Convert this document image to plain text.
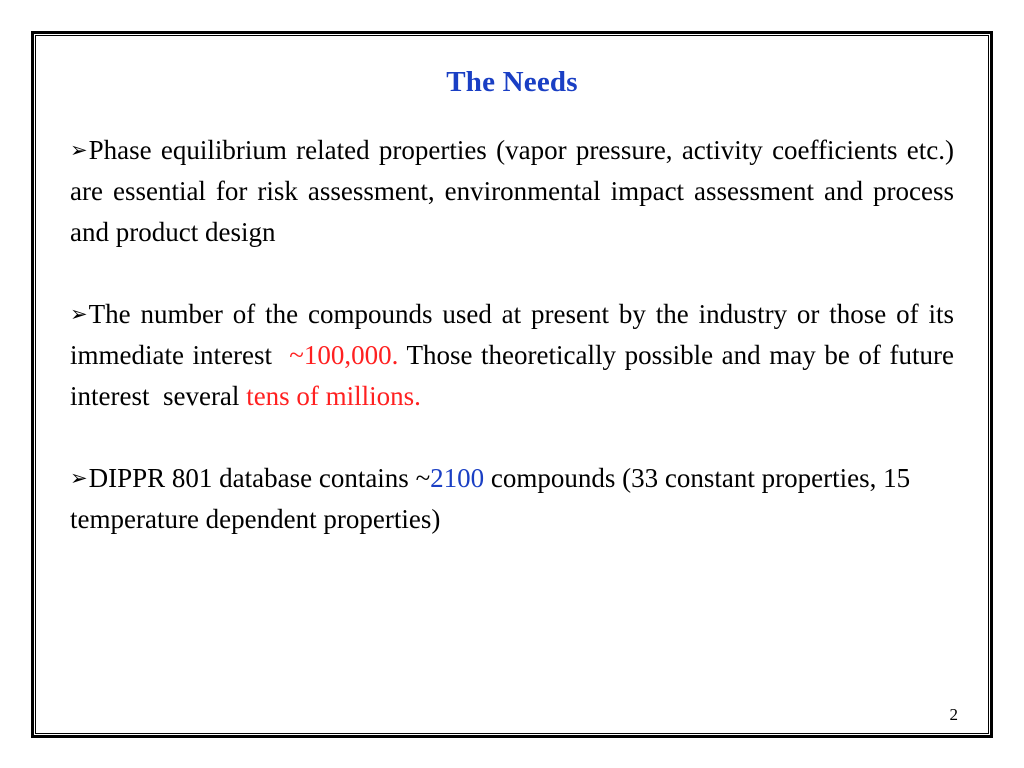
The Needs

➢Phase equilibrium related properties (vapor pressure, activity coefficients etc.) are essential for risk assessment, environmental impact assessment and process and product design

➢The number of the compounds used at present by the industry or those of its immediate interest  ~100,000. Those theoretically possible and may be of future interest  several tens of millions.

➢DIPPR 801 database contains ~2100 compounds (33 constant properties, 15 temperature dependent properties)

2
